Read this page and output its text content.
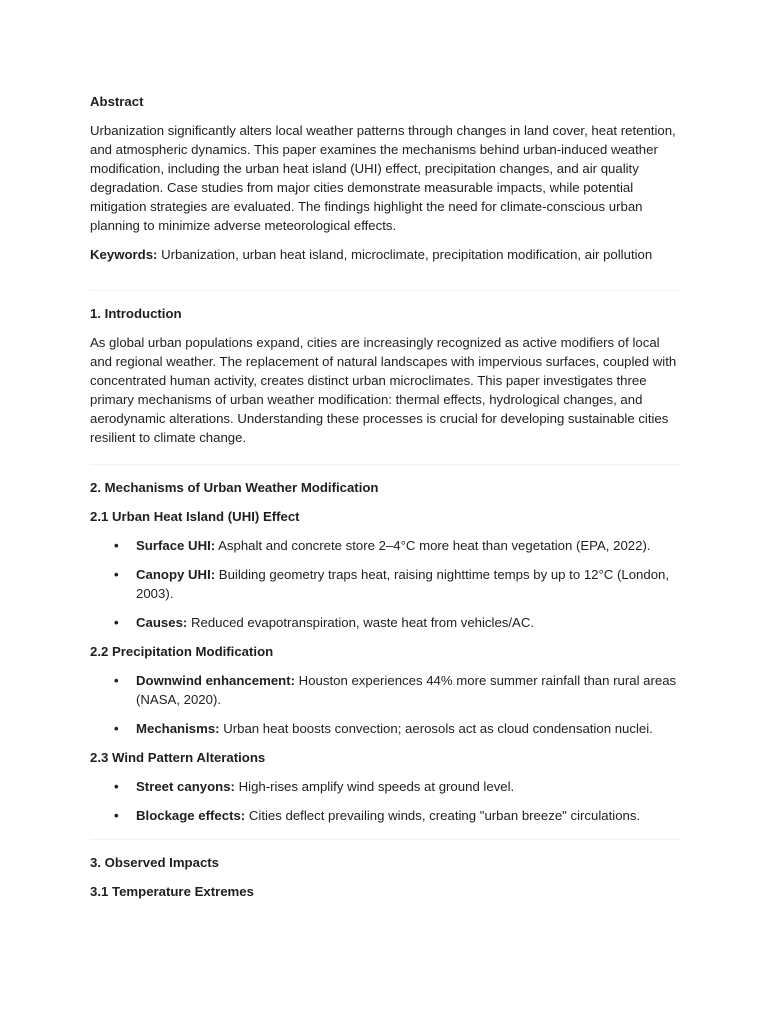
Abstract

Urbanization significantly alters local weather patterns through changes in land cover, heat retention, and atmospheric dynamics. This paper examines the mechanisms behind urban-induced weather modification, including the urban heat island (UHI) effect, precipitation changes, and air quality degradation. Case studies from major cities demonstrate measurable impacts, while potential mitigation strategies are evaluated. The findings highlight the need for climate-conscious urban planning to minimize adverse meteorological effects.

Keywords: Urbanization, urban heat island, microclimate, precipitation modification, air pollution

1. Introduction

As global urban populations expand, cities are increasingly recognized as active modifiers of local and regional weather. The replacement of natural landscapes with impervious surfaces, coupled with concentrated human activity, creates distinct urban microclimates. This paper investigates three primary mechanisms of urban weather modification: thermal effects, hydrological changes, and aerodynamic alterations. Understanding these processes is crucial for developing sustainable cities resilient to climate change.

2. Mechanisms of Urban Weather Modification

2.1 Urban Heat Island (UHI) Effect

• Surface UHI: Asphalt and concrete store 2–4°C more heat than vegetation (EPA, 2022).
• Canopy UHI: Building geometry traps heat, raising nighttime temps by up to 12°C (London, 2003).
• Causes: Reduced evapotranspiration, waste heat from vehicles/AC.

2.2 Precipitation Modification

• Downwind enhancement: Houston experiences 44% more summer rainfall than rural areas (NASA, 2020).
• Mechanisms: Urban heat boosts convection; aerosols act as cloud condensation nuclei.

2.3 Wind Pattern Alterations

• Street canyons: High-rises amplify wind speeds at ground level.
• Blockage effects: Cities deflect prevailing winds, creating "urban breeze" circulations.

3. Observed Impacts

3.1 Temperature Extremes
